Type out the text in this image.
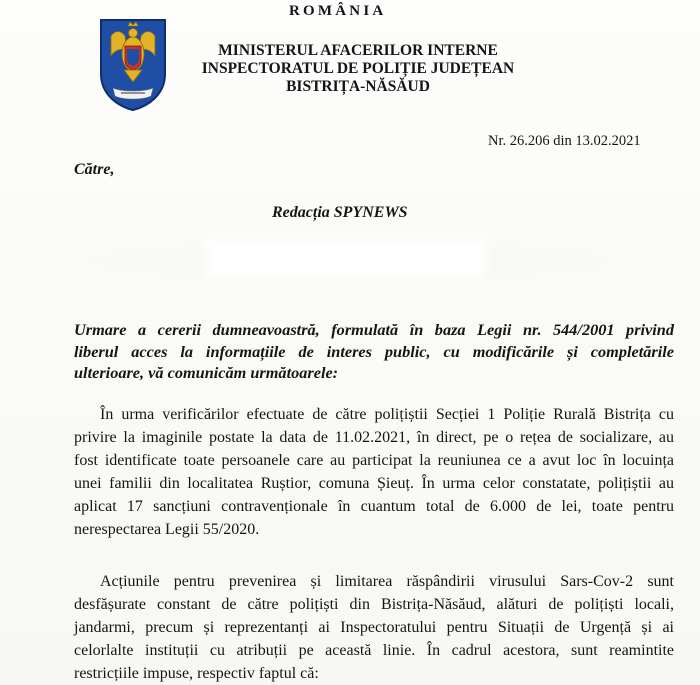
ROMÂNIA
MINISTERUL AFACERILOR INTERNE
INSPECTORATUL DE POLIȚIE JUDEȚEAN
BISTRIȚA-NĂSĂUD
Nr. 26.206 din 13.02.2021
Către,
Redacția SPYNEWS
Urmare a cererii dumneavoastră, formulată în baza Legii nr. 544/2001 privind
liberul acces la informațiile de interes public, cu modificările și completările
ulterioare, vă comunicăm următoarele:
În urma verificărilor efectuate de către polițiștii Secției 1 Poliție Rurală Bistrița cu
privire la imaginile postate la data de 11.02.2021, în direct, pe o rețea de socializare, au
fost identificate toate persoanele care au participat la reuniunea ce a avut loc în locuința
unei familii din localitatea Ruștior, comuna Șieuț. În urma celor constatate, polițiștii au
aplicat 17 sancțiuni contravenționale în cuantum total de 6.000 de lei, toate pentru
nerespectarea Legii 55/2020.
Acțiunile pentru prevenirea și limitarea răspândirii virusului Sars-Cov-2 sunt
desfășurate constant de către polițiști din Bistrița-Năsăud, alături de polițiști locali,
jandarmi, precum și reprezentanți ai Inspectoratului pentru Situații de Urgență și ai
celorlalte instituții cu atribuții pe această linie. În cadrul acestora, sunt reamintite
restricțiile impuse, respectiv faptul că:
